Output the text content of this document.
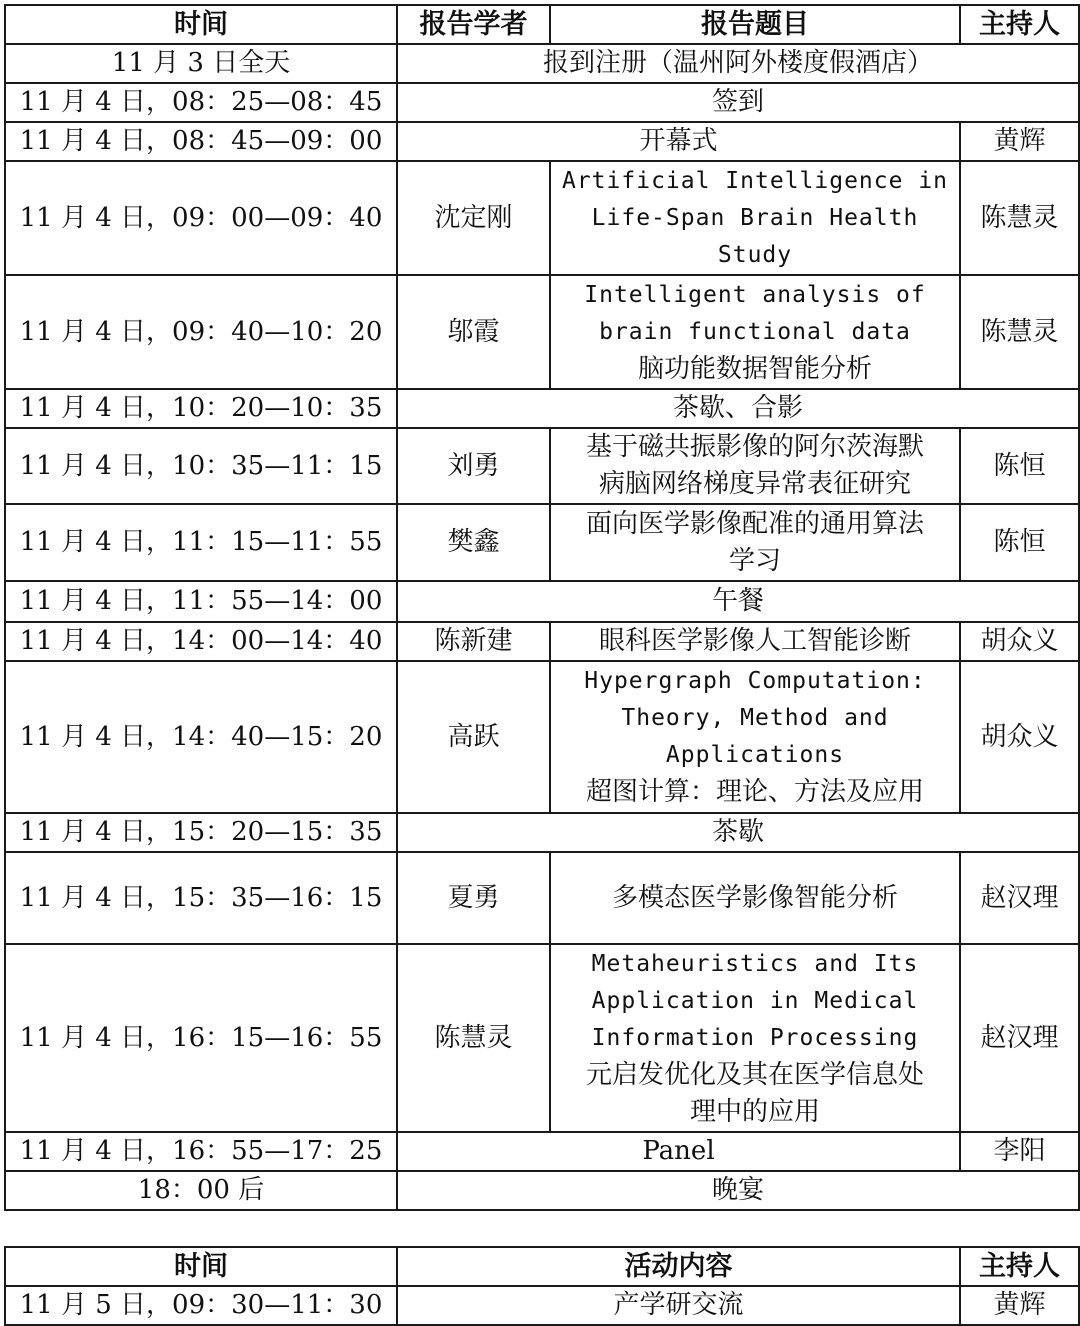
时间	报告学者	报告题目	主持人
11 月 3 日全天	报到注册（温州阿外楼度假酒店）		
11 月 4 日，08：25—08：45	签到		
11 月 4 日，08：45—09：00	开幕式		黄辉
11 月 4 日，09：00—09：40	沈定刚	Artificial Intelligence in
Life-Span Brain Health
Study	陈慧灵
11 月 4 日，09：40—10：20	邬霞	Intelligent analysis of
brain functional data
脑功能数据智能分析	陈慧灵
11 月 4 日，10：20—10：35	茶歇、合影		
11 月 4 日，10：35—11：15	刘勇	基于磁共振影像的阿尔茨海默
病脑网络梯度异常表征研究	陈恒
11 月 4 日，11：15—11：55	樊鑫	面向医学影像配准的通用算法
学习	陈恒
11 月 4 日，11：55—14：00	午餐		
11 月 4 日，14：00—14：40	陈新建	眼科医学影像人工智能诊断	胡众义
11 月 4 日，14：40—15：20	高跃	Hypergraph Computation:
Theory, Method and
Applications
超图计算：理论、方法及应用	胡众义
11 月 4 日，15：20—15：35	茶歇		
11 月 4 日，15：35—16：15	夏勇	多模态医学影像智能分析	赵汉理
11 月 4 日，16：15—16：55	陈慧灵	Metaheuristics and Its
Application in Medical
Information Processing
元启发优化及其在医学信息处
理中的应用	赵汉理
11 月 4 日，16：55—17：25	Panel		李阳
18：00 后	晚宴		
时间	活动内容	主持人
11 月 5 日，09：30—11：30	产学研交流	黄辉
